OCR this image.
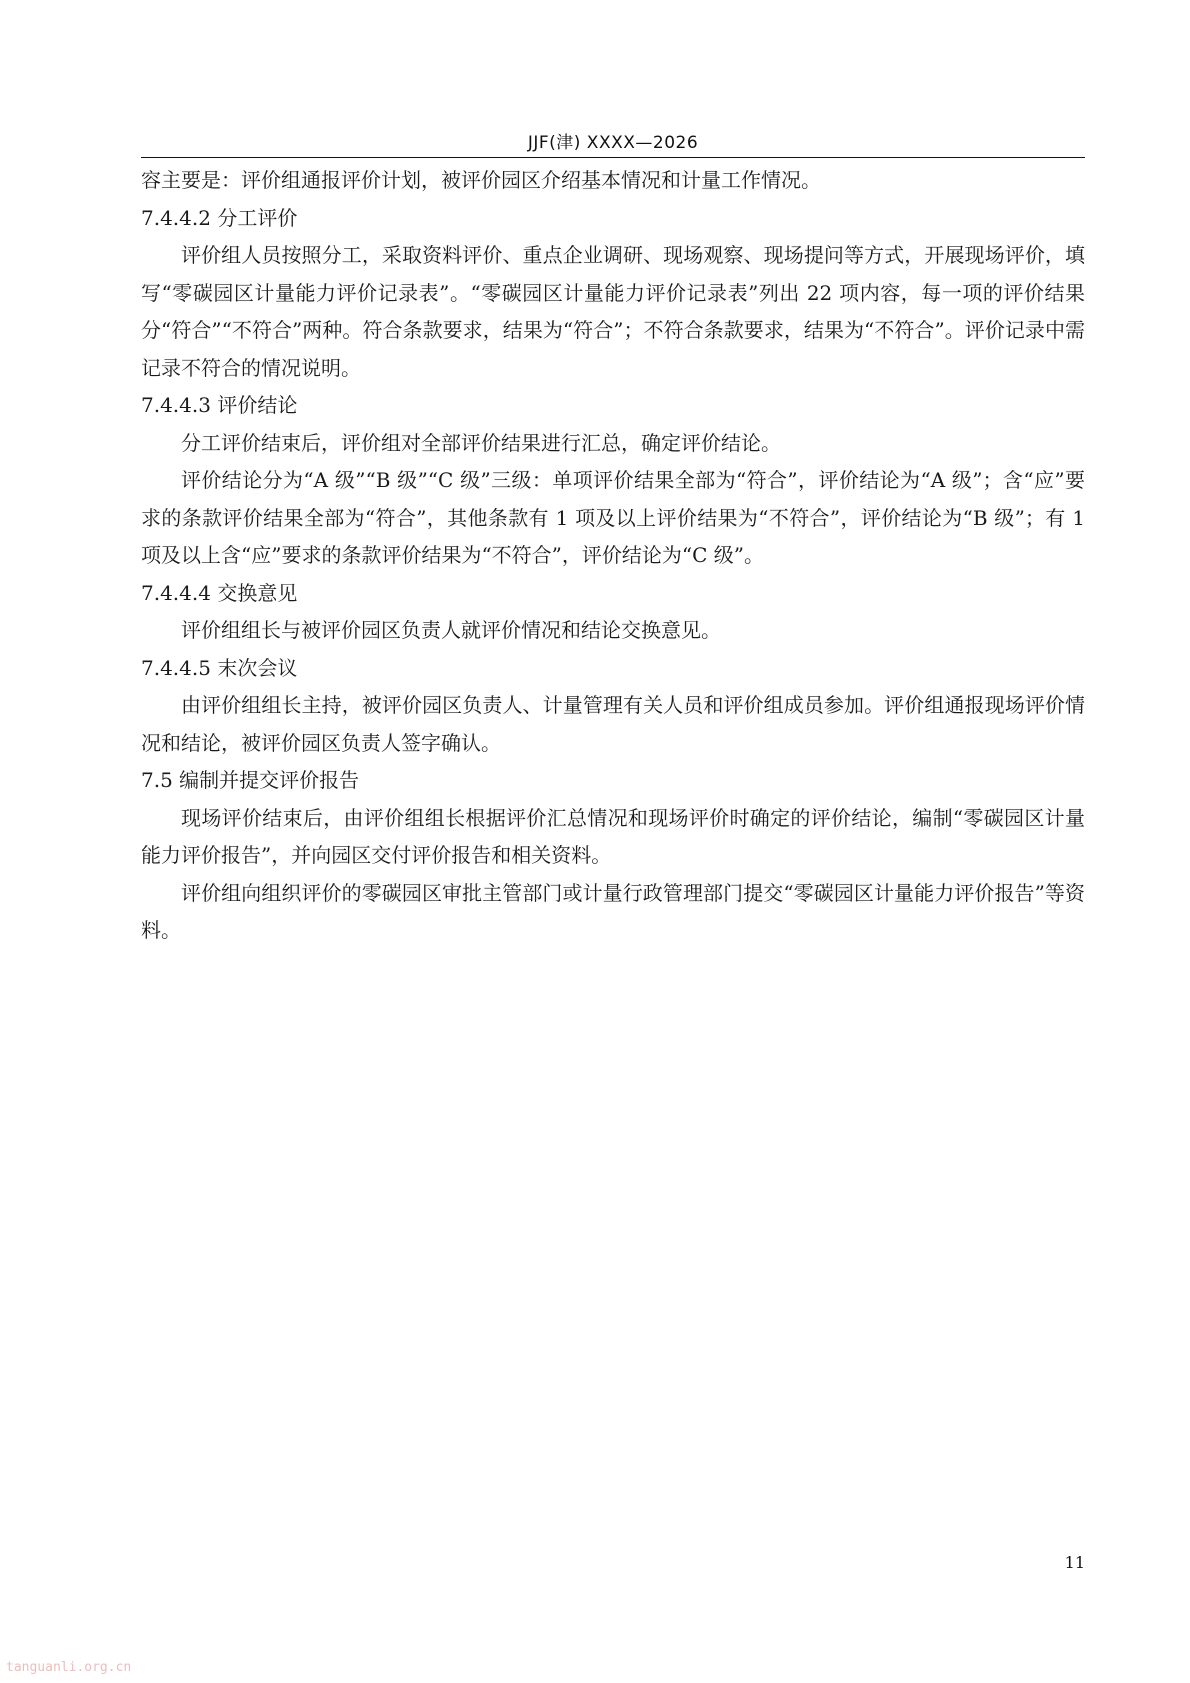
JJF(津) XXXX—2026

容主要是：评价组通报评价计划，被评价园区介绍基本情况和计量工作情况。

7.4.4.2 分工评价

评价组人员按照分工，采取资料评价、重点企业调研、现场观察、现场提问等方式，开展现场评价，填写“零碳园区计量能力评价记录表”。“零碳园区计量能力评价记录表”列出 22 项内容，每一项的评价结果分“符合”“不符合”两种。符合条款要求，结果为“符合”；不符合条款要求，结果为“不符合”。评价记录中需记录不符合的情况说明。

7.4.4.3 评价结论

分工评价结束后，评价组对全部评价结果进行汇总，确定评价结论。

评价结论分为“A 级”“B 级”“C 级”三级：单项评价结果全部为“符合”，评价结论为“A 级”；含“应”要求的条款评价结果全部为“符合”，其他条款有 1 项及以上评价结果为“不符合”，评价结论为“B 级”；有 1 项及以上含“应”要求的条款评价结果为“不符合”，评价结论为“C 级”。

7.4.4.4 交换意见

评价组组长与被评价园区负责人就评价情况和结论交换意见。

7.4.4.5 末次会议

由评价组组长主持，被评价园区负责人、计量管理有关人员和评价组成员参加。评价组通报现场评价情况和结论，被评价园区负责人签字确认。

7.5 编制并提交评价报告

现场评价结束后，由评价组组长根据评价汇总情况和现场评价时确定的评价结论，编制“零碳园区计量能力评价报告”，并向园区交付评价报告和相关资料。

评价组向组织评价的零碳园区审批主管部门或计量行政管理部门提交“零碳园区计量能力评价报告”等资料。

11
tanguanli.org.cn
